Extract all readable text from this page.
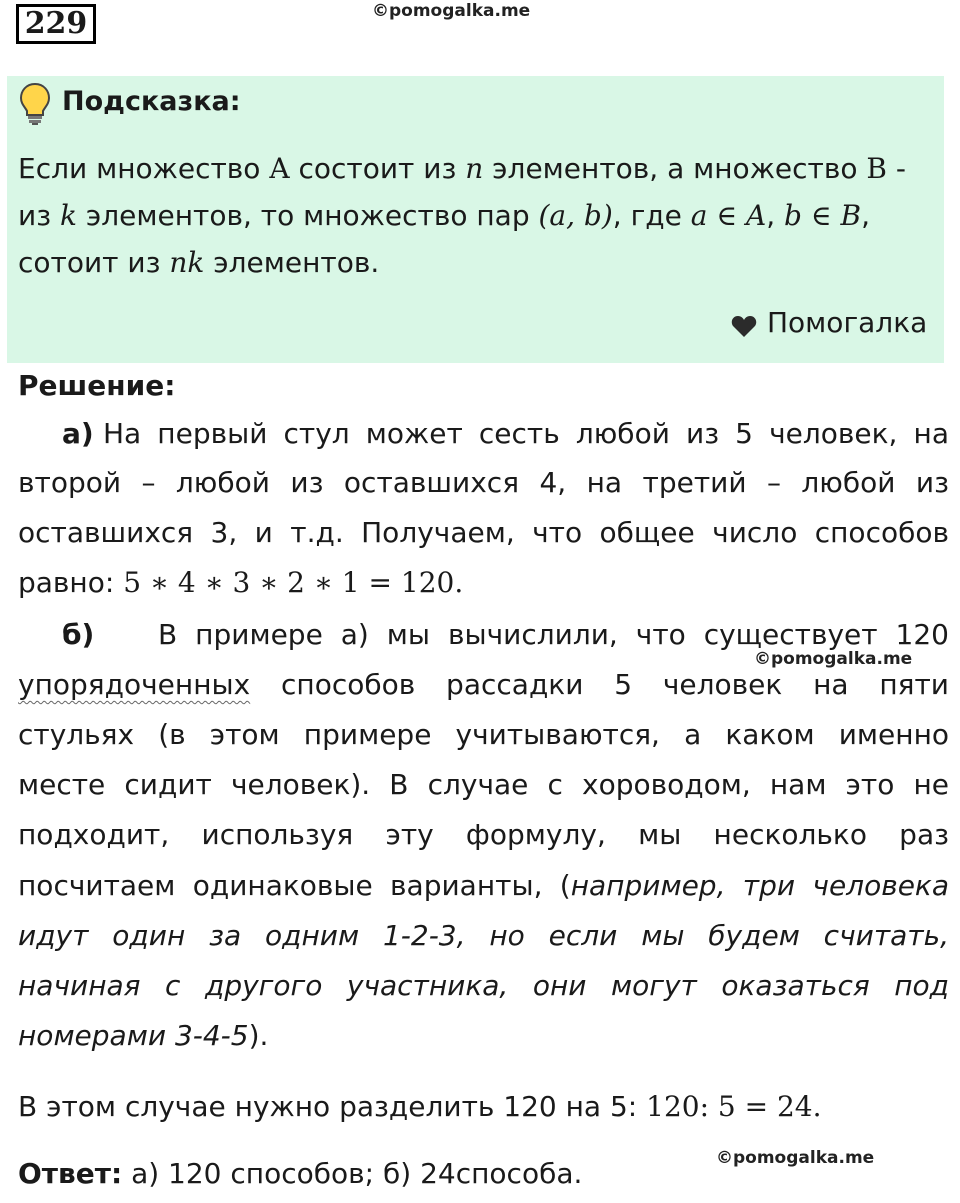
229	©pomogalka.me
Подсказка:
Если множество A состоит из n элементов, а множество B -
из k элементов, то множество пар (a, b), где a ∈ A, b ∈ B,
сотоит из nk элементов.
Помогалка
Решение:
а) На первый стул может сесть любой из 5 человек, на
второй – любой из оставшихся 4, на третий – любой из
оставшихся 3, и т.д. Получаем, что общее число способов
равно: 5 ∗ 4 ∗ 3 ∗ 2 ∗ 1 = 120.
б) В примере а) мы вычислили, что существует 120
©pomogalka.me
упорядоченных способов рассадки 5 человек на пяти
стульях (в этом примере учитываются, а каком именно
месте сидит человек). В случае с хороводом, нам это не
подходит, используя эту формулу, мы несколько раз
посчитаем одинаковые варианты, (например, три человека
идут один за одним 1-2-3, но если мы будем считать,
начиная с другого участника, они могут оказаться под
номерами 3-4-5).
В этом случае нужно разделить 120 на 5: 120: 5 = 24.
©pomogalka.me
Ответ: а) 120 способов; б) 24способа.
